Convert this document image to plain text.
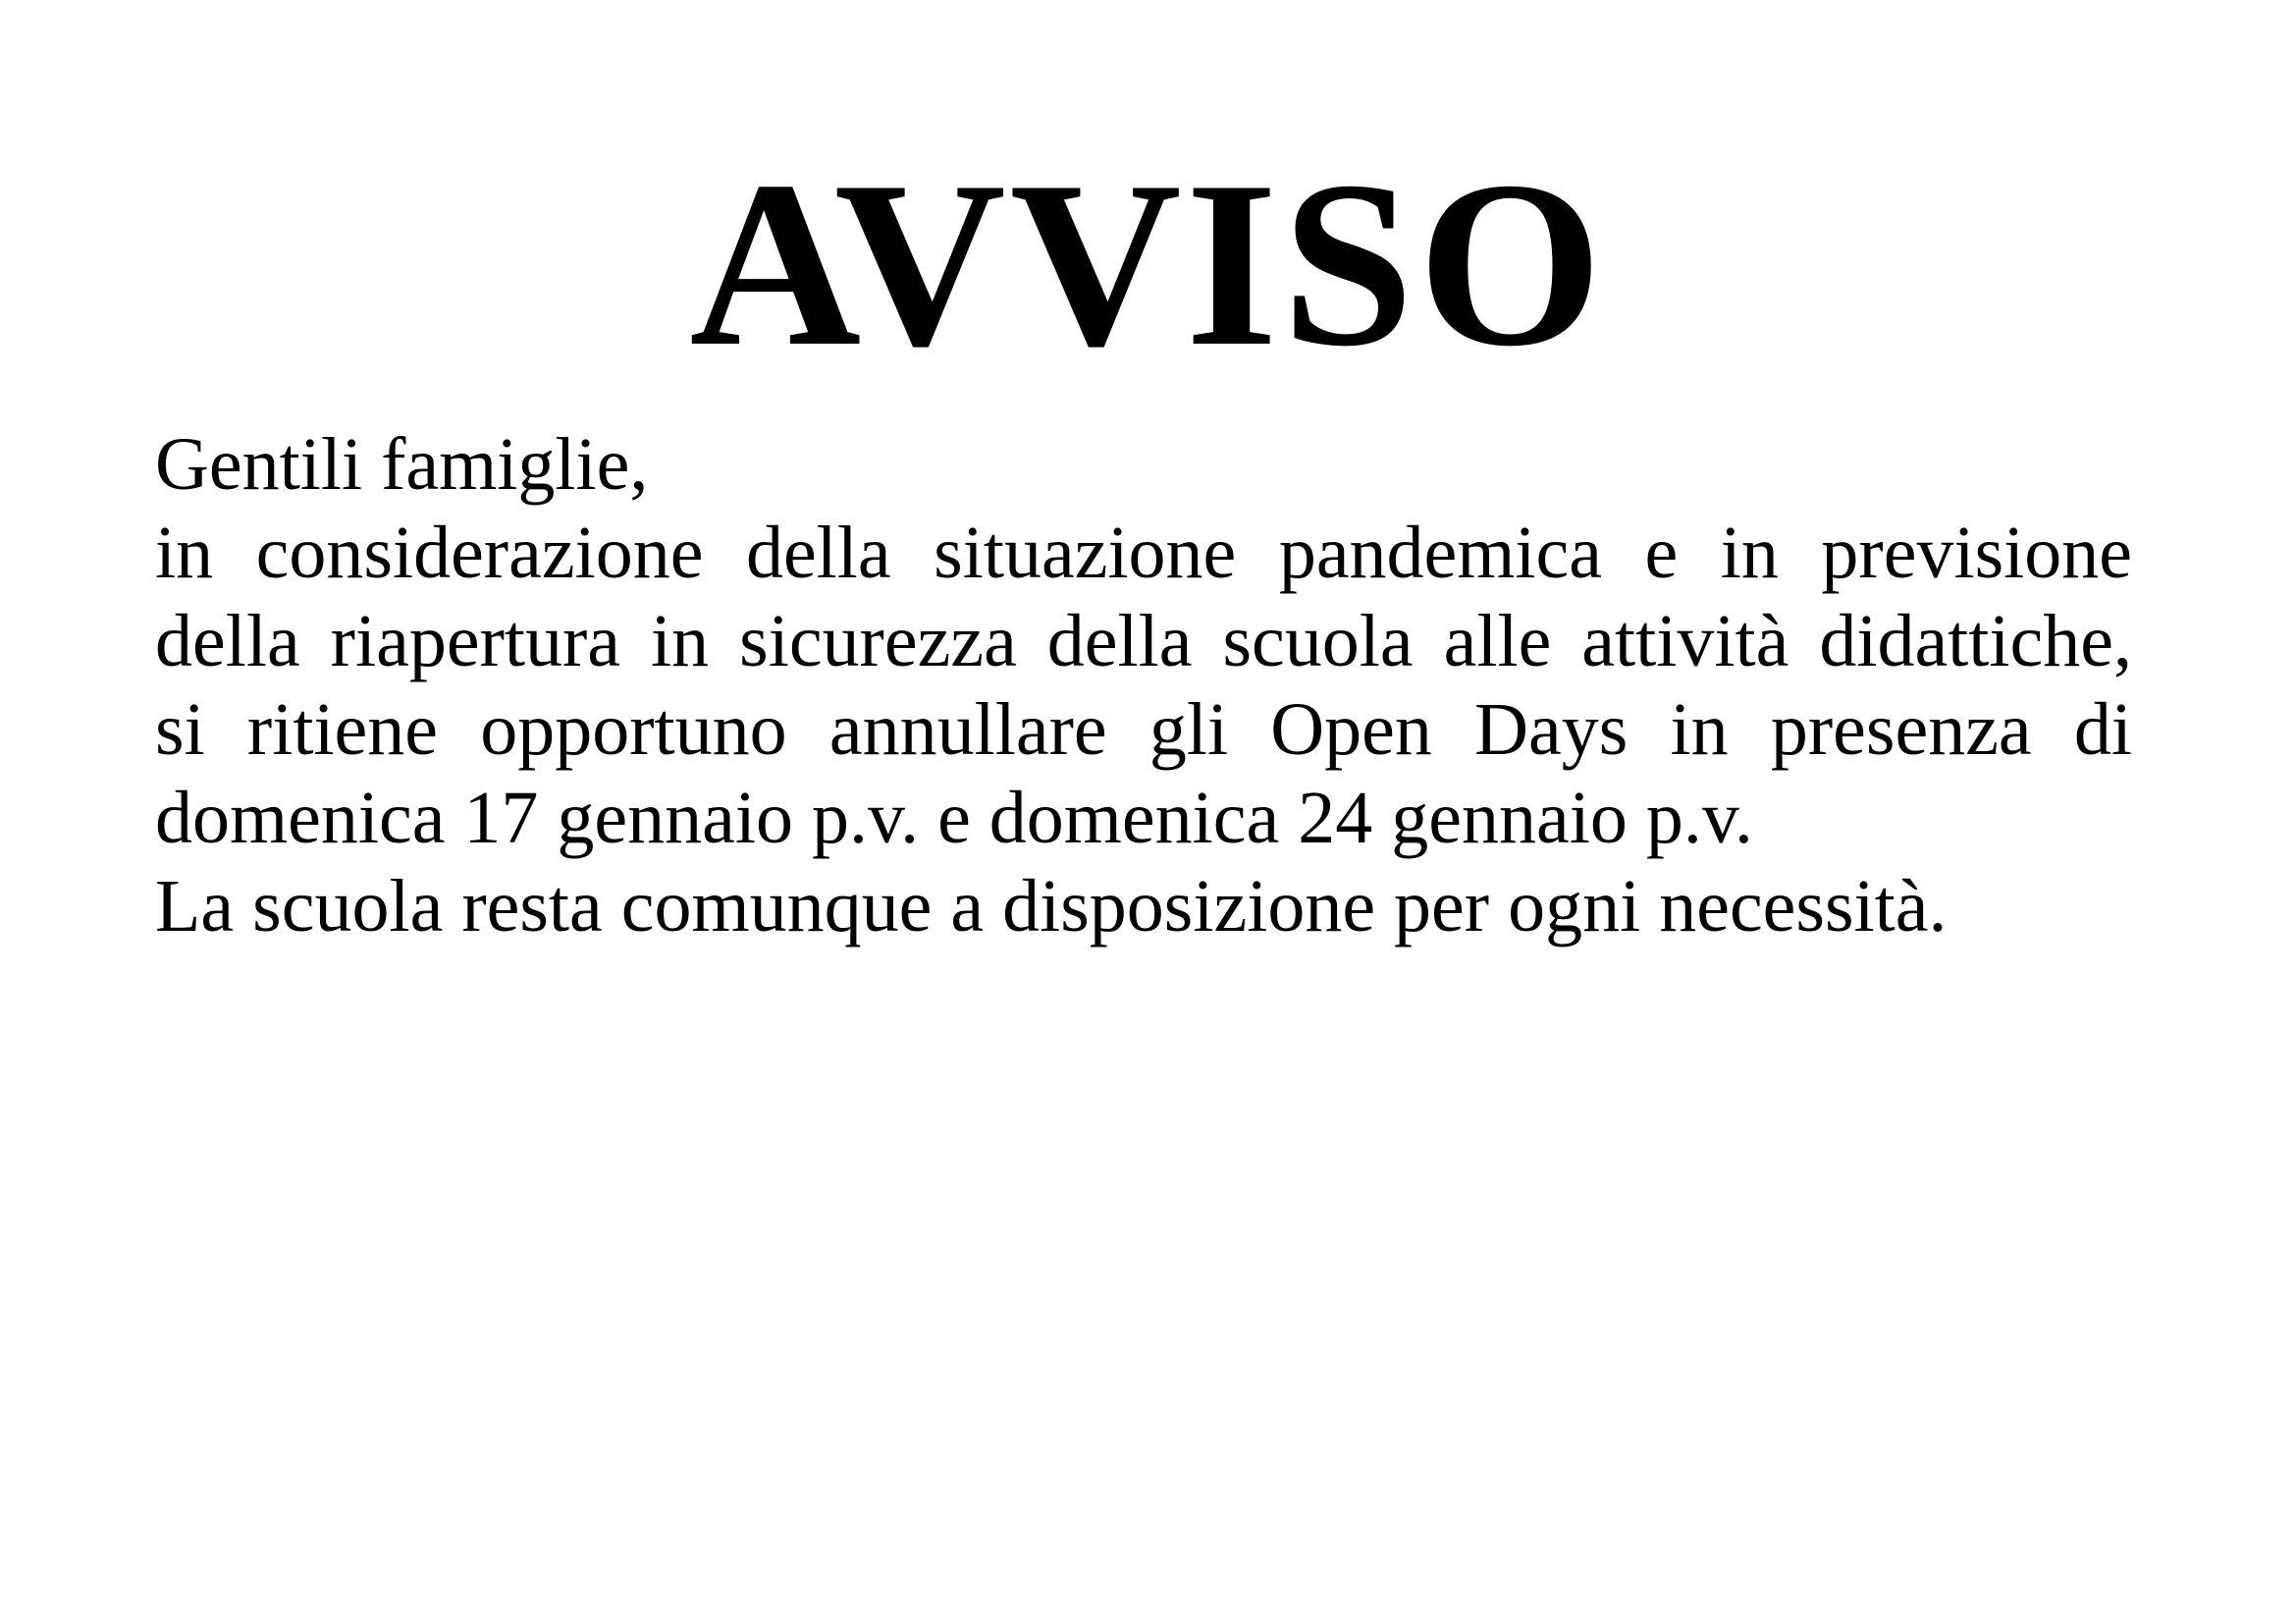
AVVISO
Gentili famiglie,
in considerazione della situazione pandemica e in previsione
della riapertura in sicurezza della scuola alle attività didattiche,
si ritiene opportuno annullare gli Open Days in presenza di
domenica 17 gennaio p.v. e domenica 24 gennaio p.v.
La scuola resta comunque a disposizione per ogni necessità.
